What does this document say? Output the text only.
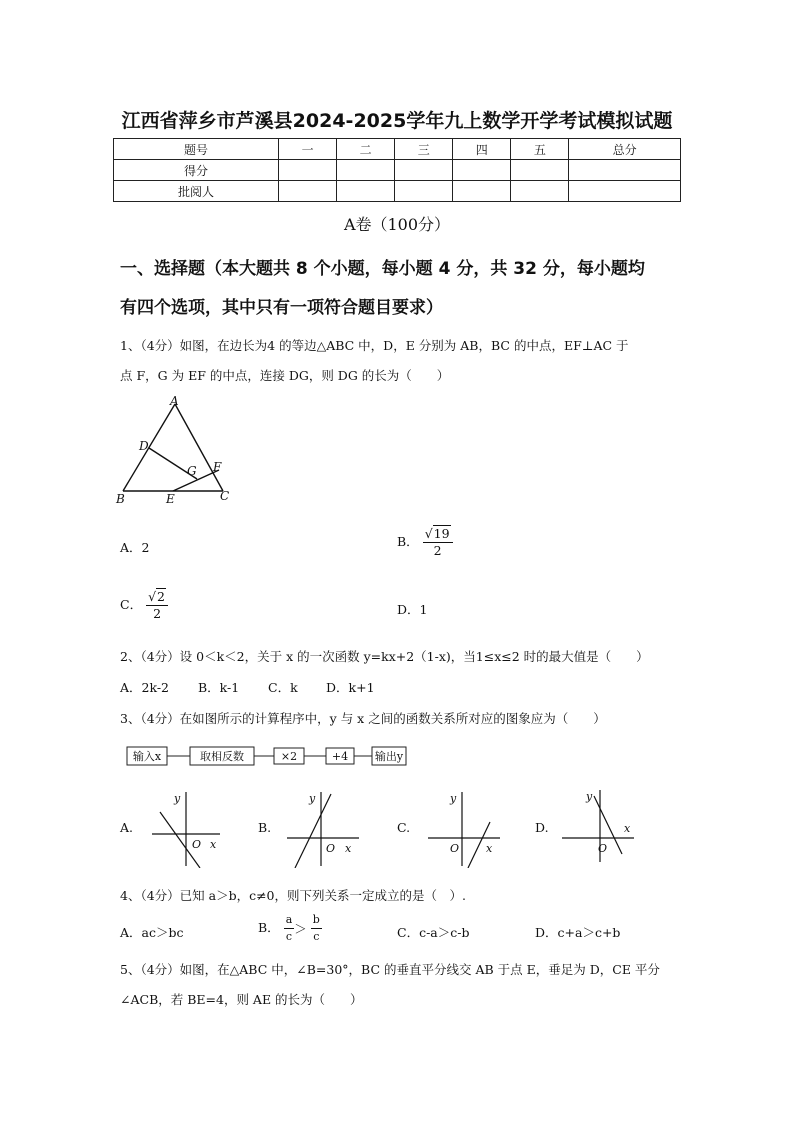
江西省萍乡市芦溪县2024-2025学年九上数学开学考试模拟试题
题号	一	二	三	四	五	总分
得分						
批阅人						
A卷（100分）
一、选择题（本大题共 8 个小题，每小题 4 分，共 32 分，每小题均
有四个选项，其中只有一项符合题目要求）
1、（4分）如图，在边长为4 的等边△ABC 中，D，E 分别为 AB，BC 的中点，EF⊥AC 于
点 F，G 为 EF 的中点，连接 DG，则 DG 的长为（　　）
A
D
G F
B	E	C
A．2	B． $\frac{√19}{2}$
C． $\frac{√2}{2}$	D．1
2、（4分）设 0＜k＜2，关于 x 的一次函数 y=kx+2（1-x)，当1≤x≤2 时的最大值是（　　）
A．2k-2 B．k-1 C．k D．k+1
3、（4分）在如图所示的计算程序中，y 与 x 之间的函数关系所对应的图象应为（　　）
输入x	取相反数	×2	+4 输出y
A.
y
O x
B.
y
O x
C.
y
O x
D.
y
O
x
4、（4分）已知 a＞b，c≠0，则下列关系一定成立的是（　）.
A．ac＞bc	B． $\frac{a}{c} > \frac{b}{c}$	C．c-a＞c-b	D．c+a＞c+b
5、（4分）如图，在△ABC 中，∠B=30°，BC 的垂直平分线交 AB 于点 E，垂足为 D，CE 平分
∠ACB，若 BE=4，则 AE 的长为（　　）
